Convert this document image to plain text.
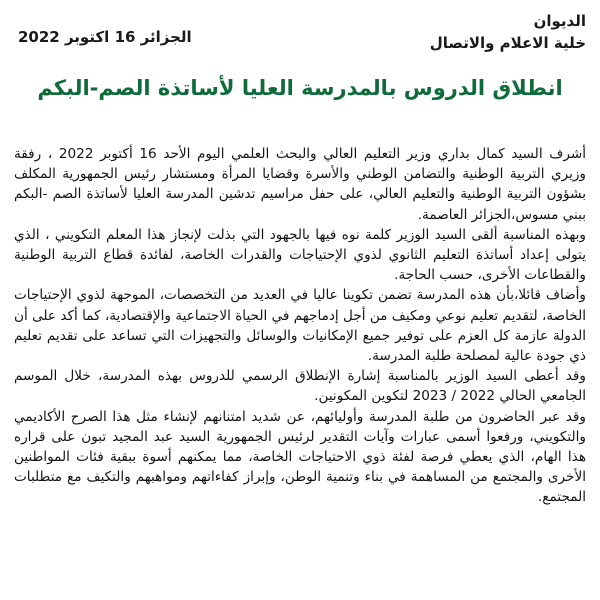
الديوان
خلية الاعلام والاتصال
الجزائر 16 اكتوبر 2022
انطلاق الدروس بالمدرسة العليا لأساتذة الصم-البكم

أشرف السيد كمال بداري وزير التعليم العالي والبحث العلمي اليوم الأحد 16 أكتوبر 2022 ، رفقة وزيري التربية الوطنية والتضامن الوطني والأسرة وقضايا المرأة ومستشار رئيس الجمهورية المكلف بشؤون التربية الوطنية والتعليم العالي، على حفل مراسيم تدشين المدرسة العليا لأساتذة الصم -البكم ببني مسوس،الجزائر العاصمة.

وبهذه المناسبة ألقى السيد الوزير كلمة نوه فيها بالجهود التي بذلت لإنجاز هذا المعلم التكويني ، الذي يتولى إعداد أساتذة التعليم الثانوي لذوي الإحتياجات والقدرات الخاصة، لفائدة قطاع التربية الوطنية والقطاعات الأخرى، حسب الحاجة.

وأضاف قائلا،بأن هذه المدرسة تضمن تكوينا عاليا في العديد من التخصصات، الموجهة لذوي الإحتياجات الخاصة، لتقديم تعليم نوعي ومكيف من أجل إدماجهم في الحياة الاجتماعية والإقتصادية، كما أكد على أن الدولة عازمة كل العزم على توفير جميع الإمكانيات والوسائل والتجهيزات التي تساعد على تقديم تعليم ذي جودة عالية لمصلحة طلبة المدرسة.

وقد أعطى السيد الوزير بالمناسبة إشارة الإنطلاق الرسمي للدروس بهذه المدرسة، خلال الموسم الجامعي الحالي 2022 / 2023 لتكوين المكونين.

وقد عبر الحاضرون من طلبة المدرسة وأوليائهم، عن شديد امتنانهم لإنشاء مثل هذا الصرح الأكاديمي والتكويني، ورفعوا أسمى عبارات وآيات التقدير لرئيس الجمهورية السيد عبد المجيد تبون على قراره هذا الهام، الذي يعطي فرصة لفئة ذوي الاحتياجات الخاصة، مما يمكنهم أسوة ببقية فئات المواطنين الأخرى والمجتمع من المساهمة في بناء وتنمية الوطن، وإبراز كفاءاتهم ومواهبهم والتكيف مع متطلبات المجتمع.
